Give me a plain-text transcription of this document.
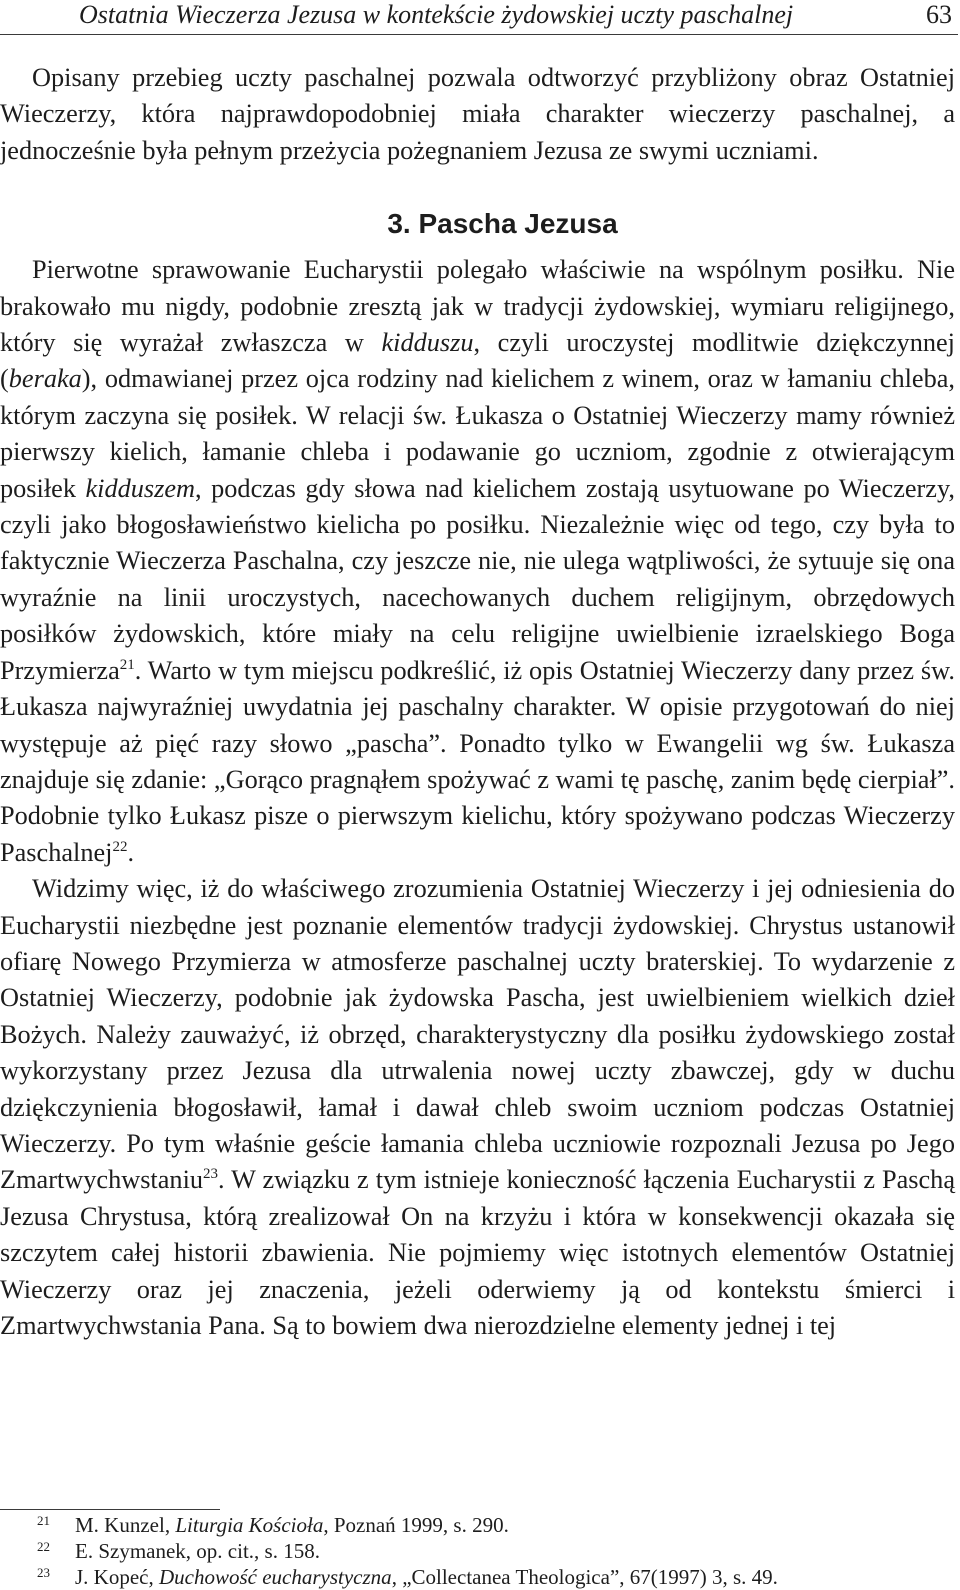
Ostatnia Wieczerza Jezusa w kontekście żydowskiej uczty paschalnej	63

Opisany przebieg uczty paschalnej pozwala odtworzyć przybliżony obraz Ostatniej Wieczerzy, która najprawdopodobniej miała charakter wieczerzy paschalnej, a jednocześnie była pełnym przeżycia pożegnaniem Jezusa ze swymi uczniami.

3. Pascha Jezusa

Pierwotne sprawowanie Eucharystii polegało właściwie na wspólnym posiłku. Nie brakowało mu nigdy, podobnie zresztą jak w tradycji żydowskiej, wymiaru religijnego, który się wyrażał zwłaszcza w kidduszu, czyli uroczystej modlitwie dziękczynnej (beraka), odmawianej przez ojca rodziny nad kielichem z winem, oraz w łamaniu chleba, którym zaczyna się posiłek. W relacji św. Łukasza o Ostatniej Wieczerzy mamy również pierwszy kielich, łamanie chleba i podawanie go uczniom, zgodnie z otwierającym posiłek kidduszem, podczas gdy słowa nad kielichem zostają usytuowane po Wieczerzy, czyli jako błogosławieństwo kielicha po posiłku. Niezależnie więc od tego, czy była to faktycznie Wieczerza Paschalna, czy jeszcze nie, nie ulega wątpliwości, że sytuuje się ona wyraźnie na linii uroczystych, nacechowanych duchem religijnym, obrzędowych posiłków żydowskich, które miały na celu religijne uwielbienie izraelskiego Boga Przymierza$^{21}$. Warto w tym miejscu podkreślić, iż opis Ostatniej Wieczerzy dany przez św. Łukasza najwyraźniej uwydatnia jej paschalny charakter. W opisie przygotowań do niej występuje aż pięć razy słowo „pascha”. Ponadto tylko w Ewangelii wg św. Łukasza znajduje się zdanie: „Gorąco pragnąłem spożywać z wami tę paschę, zanim będę cierpiał”. Podobnie tylko Łukasz pisze o pierwszym kielichu, który spożywano podczas Wieczerzy Paschalnej$^{22}$.

Widzimy więc, iż do właściwego zrozumienia Ostatniej Wieczerzy i jej odniesienia do Eucharystii niezbędne jest poznanie elementów tradycji żydowskiej. Chrystus ustanowił ofiarę Nowego Przymierza w atmosferze paschalnej uczty braterskiej. To wydarzenie z Ostatniej Wieczerzy, podobnie jak żydowska Pascha, jest uwielbieniem wielkich dzieł Bożych. Należy zauważyć, iż obrzęd, charakterystyczny dla posiłku żydowskiego został wykorzystany przez Jezusa dla utrwalenia nowej uczty zbawczej, gdy w duchu dziękczynienia błogosławił, łamał i dawał chleb swoim uczniom podczas Ostatniej Wieczerzy. Po tym właśnie geście łamania chleba uczniowie rozpoznali Jezusa po Jego Zmartwychwstaniu$^{23}$. W związku z tym istnieje konieczność łączenia Eucharystii z Paschą Jezusa Chrystusa, którą zrealizował On na krzyżu i która w konsekwencji okazała się szczytem całej historii zbawienia. Nie pojmiemy więc istotnych elementów Ostatniej Wieczerzy oraz jej znaczenia, jeżeli oderwiemy ją od kontekstu śmierci i Zmartwychwstania Pana. Są to bowiem dwa nierozdzielne elementy jednej i tej

21 M. Kunzel, Liturgia Kościoła, Poznań 1999, s. 290.
22 E. Szymanek, op. cit., s. 158.
23 J. Kopeć, Duchowość eucharystyczna, „Collectanea Theologica”, 67(1997) 3, s. 49.
